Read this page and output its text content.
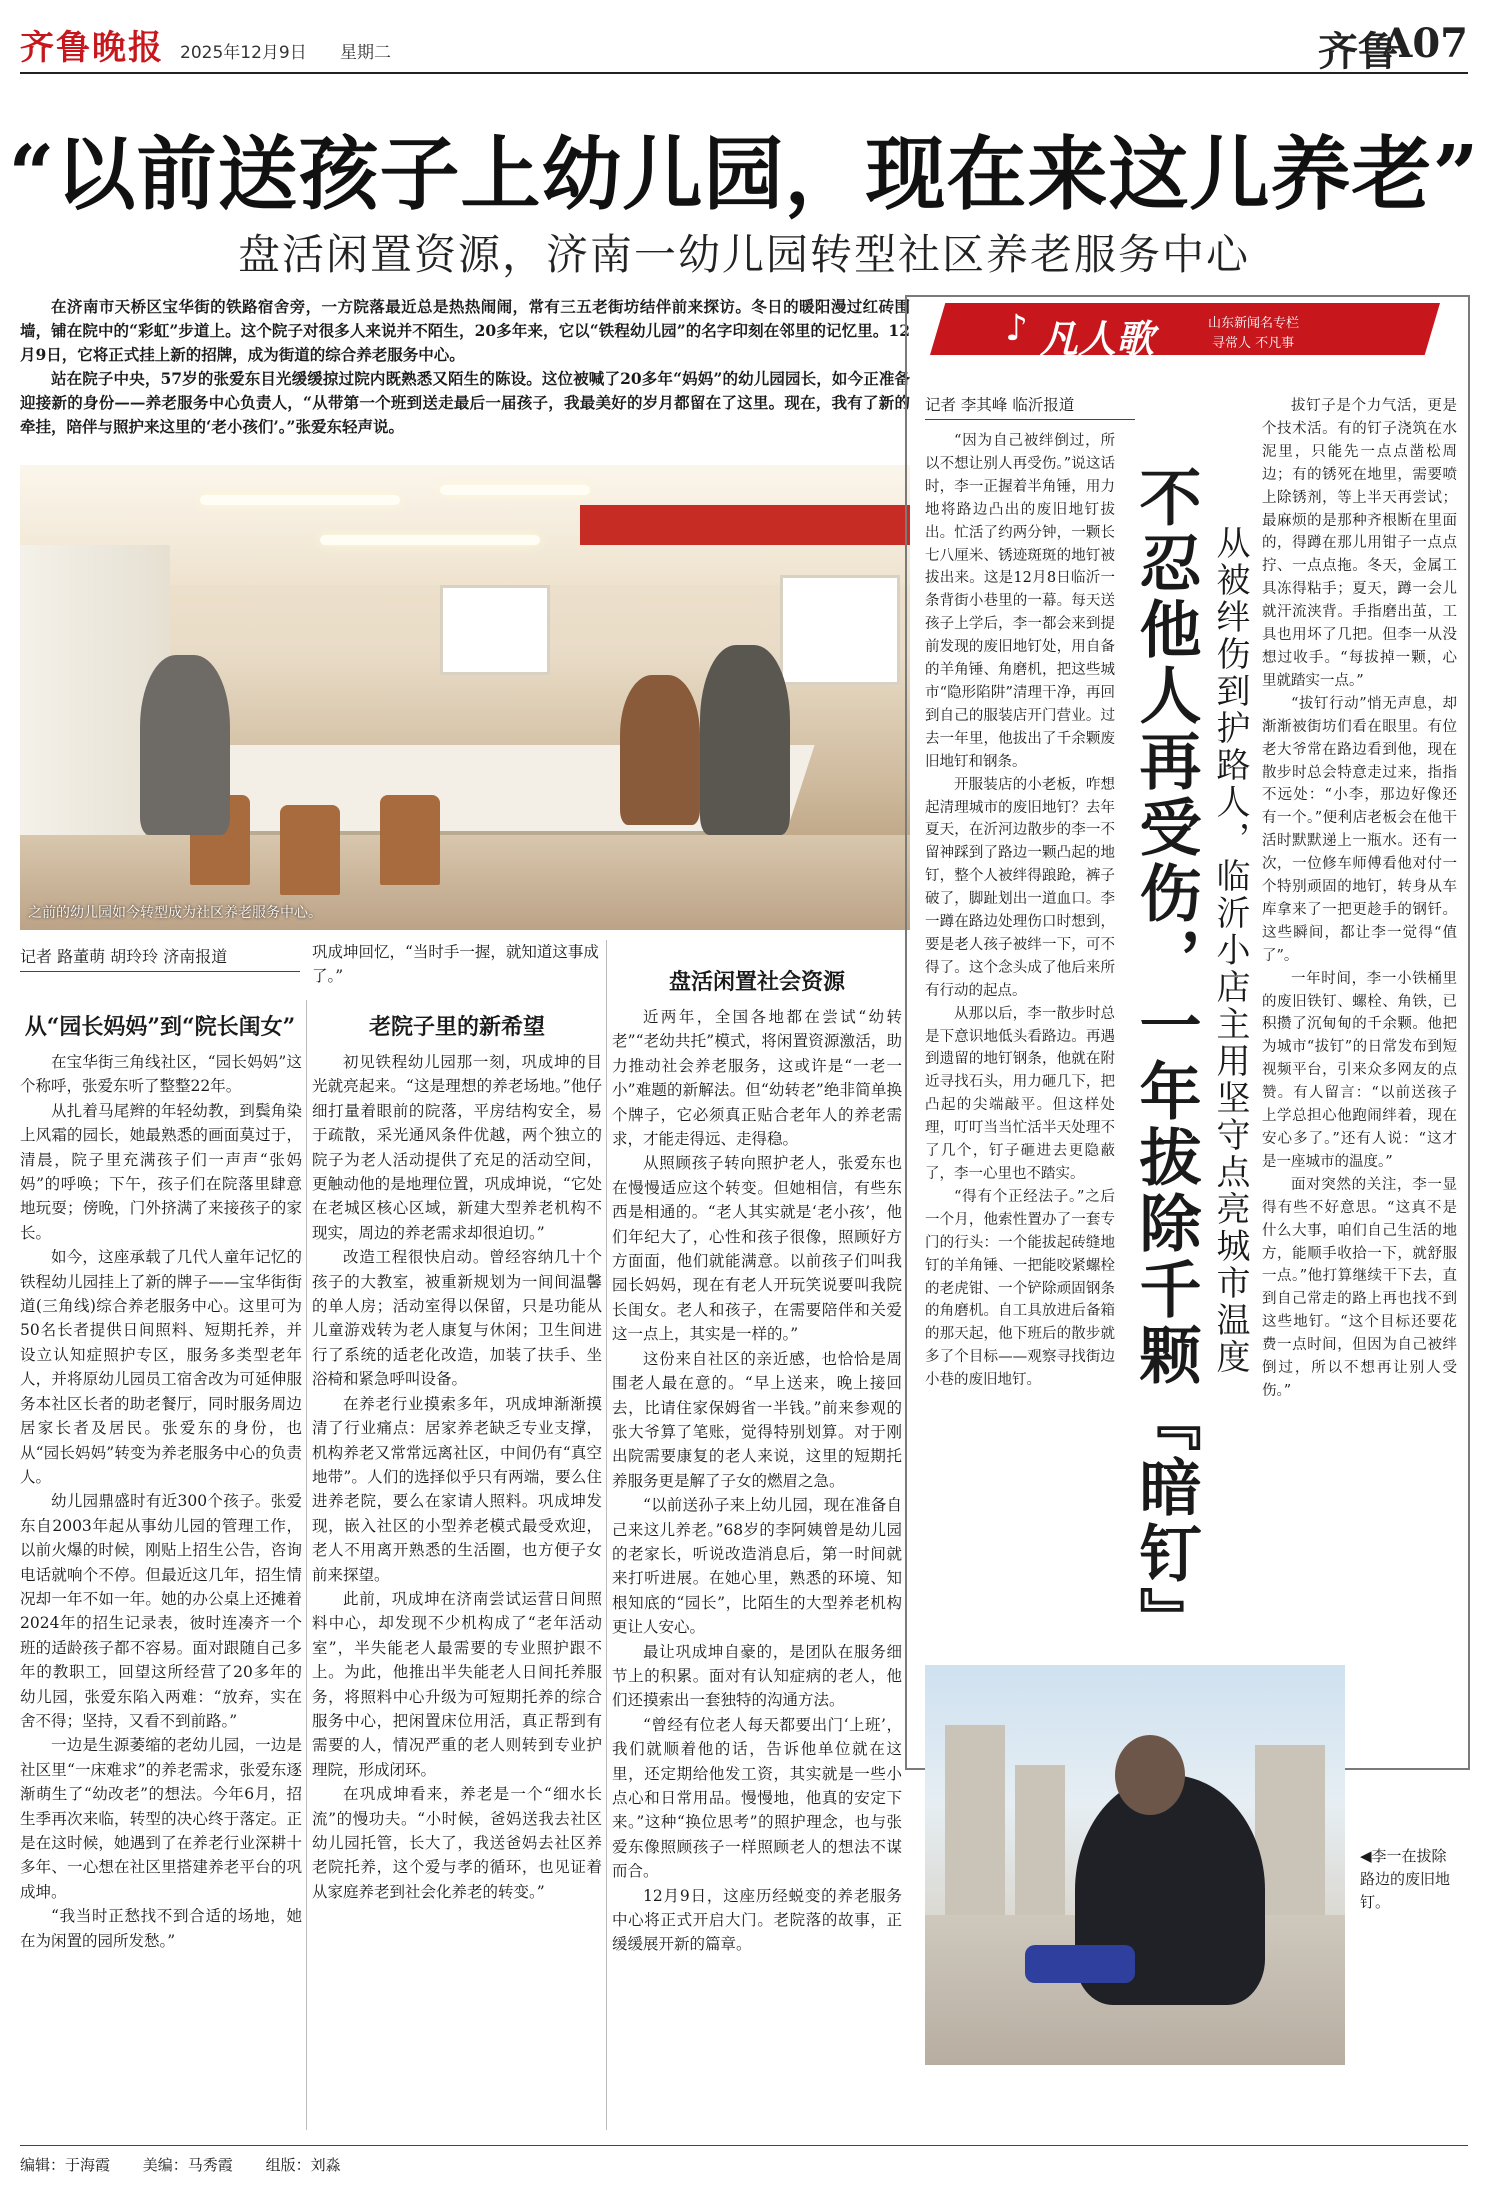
齐鲁晚报 2025年12月9日 星期二	齐鲁
A07
“以前送孩子上幼儿园，现在来这儿养老”
盘活闲置资源，济南一幼儿园转型社区养老服务中心

在济南市天桥区宝华街的铁路宿舍旁，一方院落最近总是热热闹闹，常有三五老街坊结伴前来探访。冬日的暖阳漫过红砖围墙，铺在院中的“彩虹”步道上。这个院子对很多人来说并不陌生，20多年来，它以“铁程幼儿园”的名字印刻在邻里的记忆里。12月9日，它将正式挂上新的招牌，成为街道的综合养老服务中心。

站在院子中央，57岁的张爱东目光缓缓掠过院内既熟悉又陌生的陈设。这位被喊了20多年“妈妈”的幼儿园园长，如今正准备迎接新的身份——养老服务中心负责人，“从带第一个班到送走最后一届孩子，我最美好的岁月都留在了这里。现在，我有了新的牵挂，陪伴与照护来这里的‘老小孩们’。”张爱东轻声说。

之前的幼儿园如今转型成为社区养老服务中心。
记者 路董萌 胡玲玲 济南报道	巩成坤回忆，“当时手一握，就知道这事成了。”
从“园长妈妈”到“院长闺女”

在宝华街三角线社区，“园长妈妈”这个称呼，张爱东听了整整22年。

从扎着马尾辫的年轻幼教，到鬓角染上风霜的园长，她最熟悉的画面莫过于，清晨，院子里充满孩子们一声声“张妈妈”的呼唤；下午，孩子们在院落里肆意地玩耍；傍晚，门外挤满了来接孩子的家长。

如今，这座承载了几代人童年记忆的铁程幼儿园挂上了新的牌子——宝华街街道(三角线)综合养老服务中心。这里可为50名长者提供日间照料、短期托养，并设立认知症照护专区，服务多类型老年人，并将原幼儿园员工宿舍改为可延伸服务本社区长者的助老餐厅，同时服务周边居家长者及居民。张爱东的身份，也从“园长妈妈”转变为养老服务中心的负责人。

幼儿园鼎盛时有近300个孩子。张爱东自2003年起从事幼儿园的管理工作，以前火爆的时候，刚贴上招生公告，咨询电话就响个不停。但最近这几年，招生情况却一年不如一年。她的办公桌上还摊着2024年的招生记录表，彼时连凑齐一个班的适龄孩子都不容易。面对跟随自己多年的教职工，回望这所经营了20多年的幼儿园，张爱东陷入两难：“放弃，实在舍不得；坚持，又看不到前路。”

一边是生源萎缩的老幼儿园，一边是社区里“一床难求”的养老需求，张爱东逐渐萌生了“幼改老”的想法。今年6月，招生季再次来临，转型的决心终于落定。正是在这时候，她遇到了在养老行业深耕十多年、一心想在社区里搭建养老平台的巩成坤。

“我当时正愁找不到合适的场地，她在为闲置的园所发愁。”

老院子里的新希望

初见铁程幼儿园那一刻，巩成坤的目光就亮起来。“这是理想的养老场地。”他仔细打量着眼前的院落，平房结构安全，易于疏散，采光通风条件优越，两个独立的院子为老人活动提供了充足的活动空间，更触动他的是地理位置，巩成坤说，“它处在老城区核心区域，新建大型养老机构不现实，周边的养老需求却很迫切。”

改造工程很快启动。曾经容纳几十个孩子的大教室，被重新规划为一间间温馨的单人房；活动室得以保留，只是功能从儿童游戏转为老人康复与休闲；卫生间进行了系统的适老化改造，加装了扶手、坐浴椅和紧急呼叫设备。

在养老行业摸索多年，巩成坤渐渐摸清了行业痛点：居家养老缺乏专业支撑，机构养老又常常远离社区，中间仍有“真空地带”。人们的选择似乎只有两端，要么住进养老院，要么在家请人照料。巩成坤发现，嵌入社区的小型养老模式最受欢迎，老人不用离开熟悉的生活圈，也方便子女前来探望。

此前，巩成坤在济南尝试运营日间照料中心，却发现不少机构成了“老年活动室”，半失能老人最需要的专业照护跟不上。为此，他推出半失能老人日间托养服务，将照料中心升级为可短期托养的综合服务中心，把闲置床位用活，真正帮到有需要的人，情况严重的老人则转到专业护理院，形成闭环。

在巩成坤看来，养老是一个“细水长流”的慢功夫。“小时候，爸妈送我去社区幼儿园托管，长大了，我送爸妈去社区养老院托养，这个爱与孝的循环，也见证着从家庭养老到社会化养老的转变。”

盘活闲置社会资源

近两年，全国各地都在尝试“幼转老”“老幼共托”模式，将闲置资源激活，助力推动社会养老服务，这或许是“一老一小”难题的新解法。但“幼转老”绝非简单换个牌子，它必须真正贴合老年人的养老需求，才能走得远、走得稳。

从照顾孩子转向照护老人，张爱东也在慢慢适应这个转变。但她相信，有些东西是相通的。“老人其实就是‘老小孩’，他们年纪大了，心性和孩子很像，照顾好方方面面，他们就能满意。以前孩子们叫我园长妈妈，现在有老人开玩笑说要叫我院长闺女。老人和孩子，在需要陪伴和关爱这一点上，其实是一样的。”

这份来自社区的亲近感，也恰恰是周围老人最在意的。“早上送来，晚上接回去，比请住家保姆省一半钱。”前来参观的张大爷算了笔账，觉得特别划算。对于刚出院需要康复的老人来说，这里的短期托养服务更是解了子女的燃眉之急。

“以前送孙子来上幼儿园，现在准备自己来这儿养老。”68岁的李阿姨曾是幼儿园的老家长，听说改造消息后，第一时间就来打听进展。在她心里，熟悉的环境、知根知底的“园长”，比陌生的大型养老机构更让人安心。

最让巩成坤自豪的，是团队在服务细节上的积累。面对有认知症病的老人，他们还摸索出一套独特的沟通方法。

“曾经有位老人每天都要出门‘上班’，我们就顺着他的话，告诉他单位就在这里，还定期给他发工资，其实就是一些小点心和日常用品。慢慢地，他真的安定下来。”这种“换位思考”的照护理念，也与张爱东像照顾孩子一样照顾老人的想法不谋而合。

12月9日，这座历经蜕变的养老服务中心将正式开启大门。老院落的故事，正缓缓展开新的篇章。

♪ 凡人歌	山东新闻名专栏
寻常人 不凡事
记者 李其峰 临沂报道

“因为自己被绊倒过，所以不想让别人再受伤。”说这话时，李一正握着半角锤，用力地将路边凸出的废旧地钉拔出。忙活了约两分钟，一颗长七八厘米、锈迹斑斑的地钉被拔出来。这是12月8日临沂一条背街小巷里的一幕。每天送孩子上学后，李一都会来到提前发现的废旧地钉处，用自备的羊角锤、角磨机，把这些城市“隐形陷阱”清理干净，再回到自己的服装店开门营业。过去一年里，他拔出了千余颗废旧地钉和钢条。

开服装店的小老板，咋想起清理城市的废旧地钉？去年夏天，在沂河边散步的李一不留神踩到了路边一颗凸起的地钉，整个人被绊得踉跄，裤子破了，脚趾划出一道血口。李一蹲在路边处理伤口时想到，要是老人孩子被绊一下，可不得了。这个念头成了他后来所有行动的起点。

从那以后，李一散步时总是下意识地低头看路边。再遇到遗留的地钉钢条，他就在附近寻找石头，用力砸几下，把凸起的尖端敲平。但这样处理，叮叮当当忙活半天处理不了几个，钉子砸进去更隐蔽了，李一心里也不踏实。

“得有个正经法子。”之后一个月，他索性置办了一套专门的行头：一个能拔起砖缝地钉的羊角锤、一把能咬紧螺栓的老虎钳、一个铲除顽固钢条的角磨机。自工具放进后备箱的那天起，他下班后的散步就多了个目标——观察寻找街边小巷的废旧地钉。	不忍他人再受伤，一年拔除千颗『暗钉』 从被绊伤到护路人，临沂小店主用坚守点亮城市温度

拔钉子是个力气活，更是个技术活。有的钉子浇筑在水泥里，只能先一点点凿松周边；有的锈死在地里，需要喷上除锈剂，等上半天再尝试；最麻烦的是那种齐根断在里面的，得蹲在那儿用钳子一点点拧、一点点拖。冬天，金属工具冻得粘手；夏天，蹲一会儿就汗流浃背。手指磨出茧，工具也用坏了几把。但李一从没想过收手。“每拔掉一颗，心里就踏实一点。”

“拔钉行动”悄无声息，却渐渐被街坊们看在眼里。有位老大爷常在路边看到他，现在散步时总会特意走过来，指指不远处：“小李，那边好像还有一个。”便利店老板会在他干活时默默递上一瓶水。还有一次，一位修车师傅看他对付一个特别顽固的地钉，转身从车库拿来了一把更趁手的钢钎。这些瞬间，都让李一觉得“值了”。

一年时间，李一小铁桶里的废旧铁钉、螺栓、角铁，已积攒了沉甸甸的千余颗。他把为城市“拔钉”的日常发布到短视频平台，引来众多网友的点赞。有人留言：“以前送孩子上学总担心他跑闹绊着，现在安心多了。”还有人说：“这才是一座城市的温度。”

面对突然的关注，李一显得有些不好意思。“这真不是什么大事，咱们自己生活的地方，能顺手收拾一下，就舒服一点。”他打算继续干下去，直到自己常走的路上再也找不到这些地钉。“这个目标还要花费一点时间，但因为自己被绊倒过，所以不想再让别人受伤。”

◀李一在拔除路边的废旧地钉。
编辑：于海霞 美编：马秀霞 组版：刘淼
